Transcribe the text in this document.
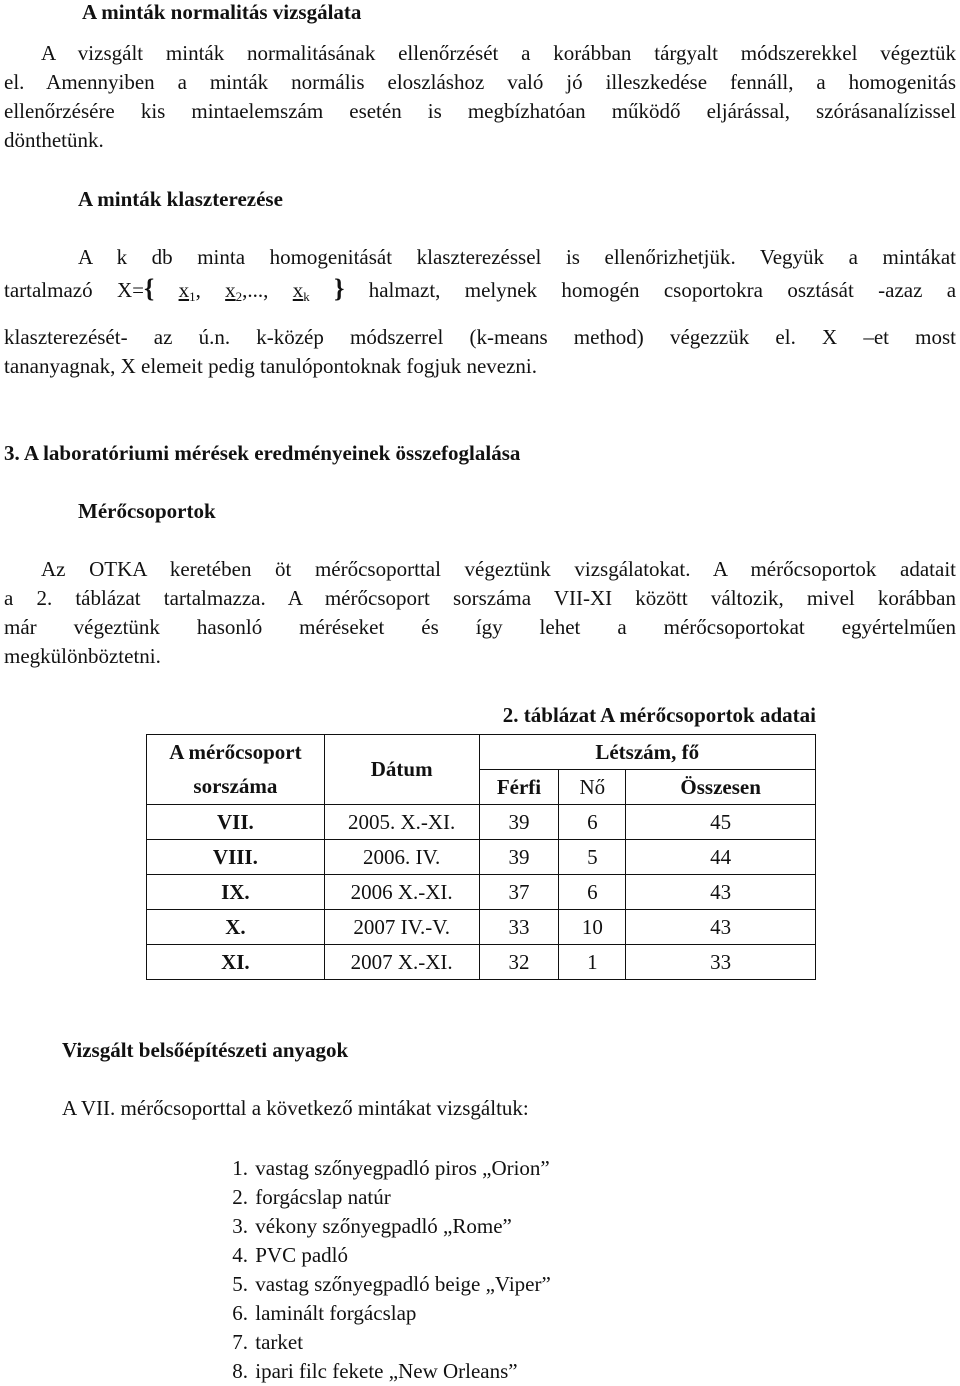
A minták normalitás vizsgálata
A vizsgált minták normalitásának ellenőrzését a korábban tárgyalt módszerekkel végeztük
el. Amennyiben a minták normális eloszláshoz való jó illeszkedése fennáll, a homogenitás
ellenőrzésére kis mintaelemszám esetén is megbízhatóan működő eljárással, szórásanalízissel
dönthetünk.
A minták klaszterezése
A k db minta homogenitását klaszterezéssel is ellenőrizhetjük. Vegyük a mintákat
tartalmazó X={ $x_1$, $x_2$,..., $x_k$ } halmazt, melynek homogén csoportokra osztását -azaz a
klaszterezését- az ú.n. k-közép módszerrel (k-means method) végezzük el. X –et most
tananyagnak, X elemeit pedig tanulópontoknak fogjuk nevezni.
3. A laboratóriumi mérések eredményeinek összefoglalása
Mérőcsoportok
Az OTKA keretében öt mérőcsoporttal végeztünk vizsgálatokat. A mérőcsoportok adatait
a 2. táblázat tartalmazza. A mérőcsoport sorszáma VII-XI között változik, mivel korábban
már végeztünk hasonló méréseket és így lehet a mérőcsoportokat egyértelműen
megkülönböztetni.
2. táblázat A mérőcsoportok adatai
A mérőcsoport	Dátum	Létszám, fő		
sorszáma		Férfi	Nő	Összesen
VII.	2005. X.-XI.	39	6	45
VIII.	2006. IV.	39	5	44
IX.	2006 X.-XI.	37	6	43
X.	2007 IV.-V.	33	10	43
XI.	2007 X.-XI.	32	1	33
Vizsgált belsőépítészeti anyagok
A VII. mérőcsoporttal a következő mintákat vizsgáltuk:
1. vastag szőnyegpadló piros „Orion”
2. forgácslap natúr
3. vékony szőnyegpadló „Rome”
4. PVC padló
5. vastag szőnyegpadló beige „Viper”
6. laminált forgácslap
7. tarket
8. ipari filc fekete „New Orleans”
